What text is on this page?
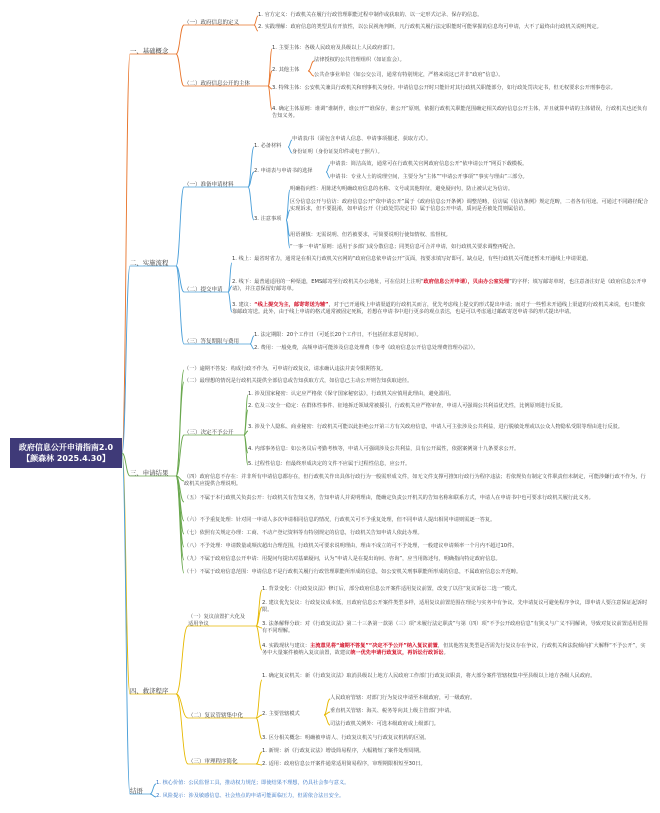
政府信息公开申请指南2.0
【颜森林 2025.4.30】
一、基础概念
（一）政府信息的定义
1. 官方定义：行政机关在履行行政管理职能过程中制作或获取的、以一定形式记录、保存的信息。
2. 实践理解：政府信息的类型具有开放性，以公民视角判断，凡行政机关履行法定职能时可能掌握的信息均可申请，大不了最终由行政机关说明判定。
（二）政府信息公开的主体
1. 主要主体：各级人民政府及县级以上人民政府部门。
2. 其他主体
法律授权的公共管理组织（如证监会）。
公共企事业单位（如公交公司，通常有特别规定，严格来说这已并非“政府”信息）。
3. 特殊主体：公安机关兼具行政机关和刑事机关身份。申请信息公开时只能针对其行政机关职能部分，如行政处罚决定书，但无权要求公开刑事卷宗。
4. 确定主体原则：谁调“谁制作，谁公开”“谁保存，谁公开”原则，依据行政机关职能范围确定相关政府信息公开主体，并且就算申请的主体错误，行政机关也还负有告知义务。
二、实施流程
（一）准备申请材料
1. 必备材料
申请表/书（需包含申请人信息、申请事项描述、获取方式）。
身份证明（身份证复印件或电子照片）。
2. 申请表与申请书的选择
申请表：简洁高效，通常可在行政机关官网政府信息公开“依申请公开”网页下载模板。
申请书：专业人士的说理空间，主要分为“主体”“申请公开事项”“事实与理由”三部分。
3. 注意事项
明确指向性：用陈述句明确政府信息的名称、文号或其他特征，避免疑问句，防止被认定为信访。
区分信息公开与信访：政府信息公开“依申请公开”属于《政府信息公开条例》调整范畴，信访属《信访条例》规定范畴，二者各有用途。可通过不同路径配合实现诉求，但不要混淆，如申请公开《行政处罚决定书》属于信息公开申请，质问是否被处罚则属信访。
用语谨慎：无需说明、但若被要求，可简要说明行使知情权、监督权。
“一事一申请”原则：适用于多部门或分散信息；同类信息可合并申请，如行政机关要求调整再配合。
（二）提交申请
1. 线上：最省时省力，通常是在相关行政机关官网的“政府信息依申请公开”页面，按要求填写好即可。缺点是，有些行政机关可能还暂未开通线上申请渠道。
2. 线下：最普通适用的一种渠道，EMS邮寄至行政机关办公地址，可在信封上注明“政府信息公开申请），贝由办公室处理”的字样；填写邮寄单时，也注意备注好是《政府信息公开申请》，并注意保留好邮寄单。
3. 建议：“线上提交为主，邮寄寄送为辅”，对于已开通线上申请渠道的行政机关而言，优先考虑线上提交的形式提出申请；而对于一些暂未开通线上渠道的行政机关来说，也只能依靠邮政寄送。此外，由于线上申请的格式通常被固定死板，若想在申请书中进行更多的观点表达，也是可以考虑通过邮政寄送申请书的形式提出申请。
（三）答复期限与费用
1. 法定期限：20个工作日（可延长20个工作日，不包括征求意见时间）。
2. 费用：一般免费，高频申请可能涉及信息处理费（参考《政府信息公开信息处理费管理办法》）。
三、申请结果
（一）逾期不答复：构成行政不作为，可申请行政复议，请求确认违法并责令限期答复。
（二）最理想的情况是行政机关提供全部信息或告知获取方式，如信息已主动公开则告知获取途径。
（三）决定不予公开
1. 涉及国家秘密：认定应严格依《保守国家秘密法》，行政机关应慎用此理由，避免滥用。
2. 危及三安全一稳定：在群体性事件、征地拆迁领域常被援引，行政机关应严格审查，申请人可强调公共利益优先性，比例原则进行反驳。
3. 涉及个人隐私、商业秘密：行政机关可能以此拒绝公开第三方有关政府信息，申请人可主张涉及公共利益，进行脱敏处理或以公众人物隐私受限等理由进行反驳。
4. 内部事务信息：如公务员后考勤考核等，申请人可强调涉及公共利益，具有公开属性，依据案例第十九条要求公开。
5. 过程性信息：但最终形成决定的文件不应属于过程性信息，应公开。
（四）政府信息不存在：并非所有申请信息都存在，但行政机关作出具体行政行为一般需形成文件，如无文件支撑可推知行政行为程序违法；若依规负有制定文件职责但未制定，可能涉嫌行政不作为，行政机关应提供合理说明。
（五）不属于本行政机关负责公开：行政机关有告知义务，告知申请人并说明理由，能确定负责公开机关的告知名称和联系方式，申请人在申请书中也可要求行政机关履行此义务。
（六）不予重复处理：针对同一申请人多次申请相同信息的情况，行政机关可不予重复处理，但不同申请人提出相同申请则需逐一答复。
（七）依照有关规定办理：工商、不动产登记资料等有特别规定的信息，行政机关告知申请人依此办理。
（八）不予处理：申请数量或频次超出合理范围，行政机关可要求说明理由，理由不成立的可不予处理，一般建议申请频率一个月内不超过10件。
（九）不属于政府信息公开申请：用提问句提出对基础疑问，认为“申请人是在提出询问、咨询”，应当用陈述句，明确指向特定政府信息。
（十）不属于政府信息范围：申请信息不是行政机关履行行政管理职能所形成的信息，如公安机关刑事职能所形成的信息，不属政府信息公开范畴。
四、救济程序
（一）复议前置扩大化及适用争议
1. 背景变化：《行政复议法》修订后，部分政府信息公开案件适用复议前置，改变了以往“复议诉讼二选一”模式。
2. 建议优先复议：行政复议成本低，且政府信息公开案件类型多样，适用复议前置范围在理论与实务中有争议。先申请复议可避免程序争议，即申请人要注意保证起诉时限。
3. 法条解释分歧：对《行政复议法》第二十三条第一款第（三）项“未履行法定职责”与第（四）项“不予公开政府信息”有狭义与广义不同解读，导致对复议前置适用范围有不同理解。
4. 实践现状与建议：主流意见将“逾期不答复”“决定不予公开”纳入复议前置，但其他答复类型是否需先行复议存在争议，行政机关和法院倾向扩大解释“不予公开”，实务中大量案件被纳入复议前置，故建议统一优先申请行政复议，再诉讼行政诉讼。
（二）复议管辖集中化
1. 确定复议机关：新《行政复议法》取消县级以上地方人民政府工作部门行政复议职责，将大部分案件管辖权集中至县级以上地方各级人民政府。
2. 主要管辖模式
人民政府管辖：对部门行为复议申请至本级政府，可一级政府。
垂直机关管辖：海关、税务等向其上级主管部门申请。
司法行政机关例外：可选本级政府或上级部门。
3. 区分相关概念：明确被申请人、行政复议机关与行政复议机构的区别。
（三）审理程序简化
1. 新规：新《行政复议法》增设简易程序，大幅精短了案件处理周期。
2. 适用：政府信息公开案件通常适用简易程序，审理期限相短至30日。
结语
1. 核心价值：公民监督工具，推动权力规范；即使结果不理想，仍具社会参与意义。
2. 风险提示：涉及敏感信息、社会热点的申请可能面临压力，但需依合法且安全。
